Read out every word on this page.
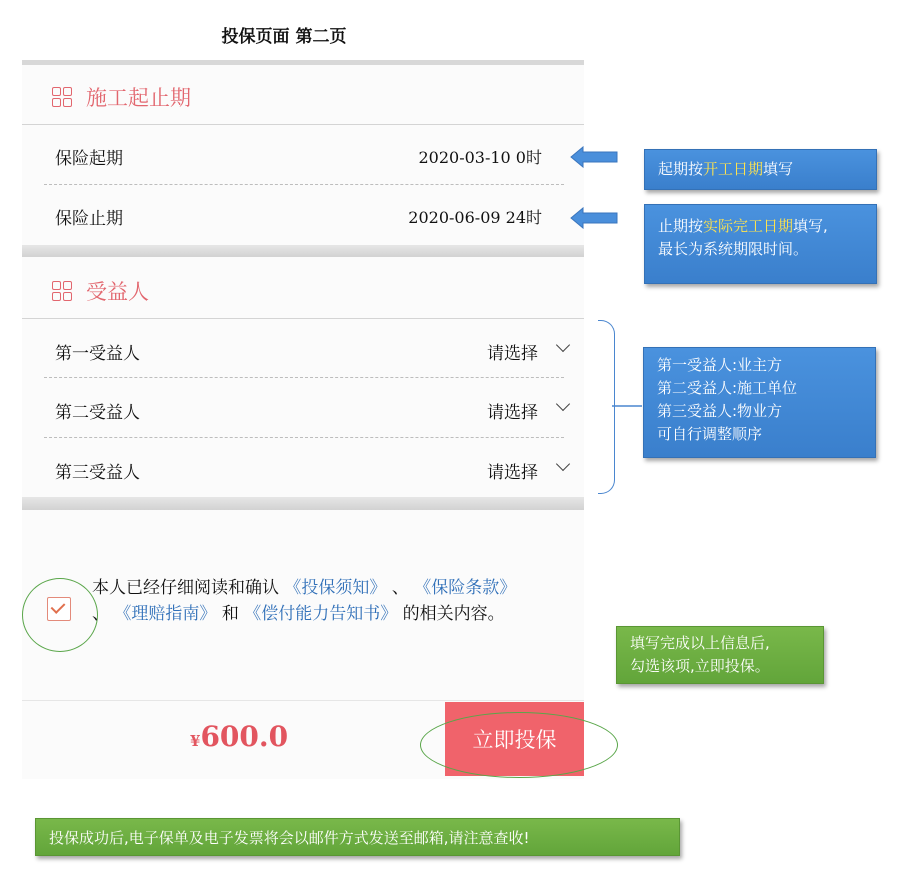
投保页面 第二页
施工起止期
保险起期	2020-03-10 0时
保险止期	2020-06-09 24时
受益人
第一受益人	请选择
第二受益人	请选择
第三受益人	请选择
本人已经仔细阅读和确认 《投保须知》 、 《保险条款》 、 《理赔指南》 和 《偿付能力告知书》 的相关内容。
¥600.0	立即投保
起期按开工日期填写
止期按实际完工日期填写,
最长为系统期限时间。
第一受益人:业主方
第二受益人:施工单位
第三受益人:物业方
可自行调整顺序
填写完成以上信息后,
勾选该项,立即投保。
投保成功后,电子保单及电子发票将会以邮件方式发送至邮箱,请注意查收!
